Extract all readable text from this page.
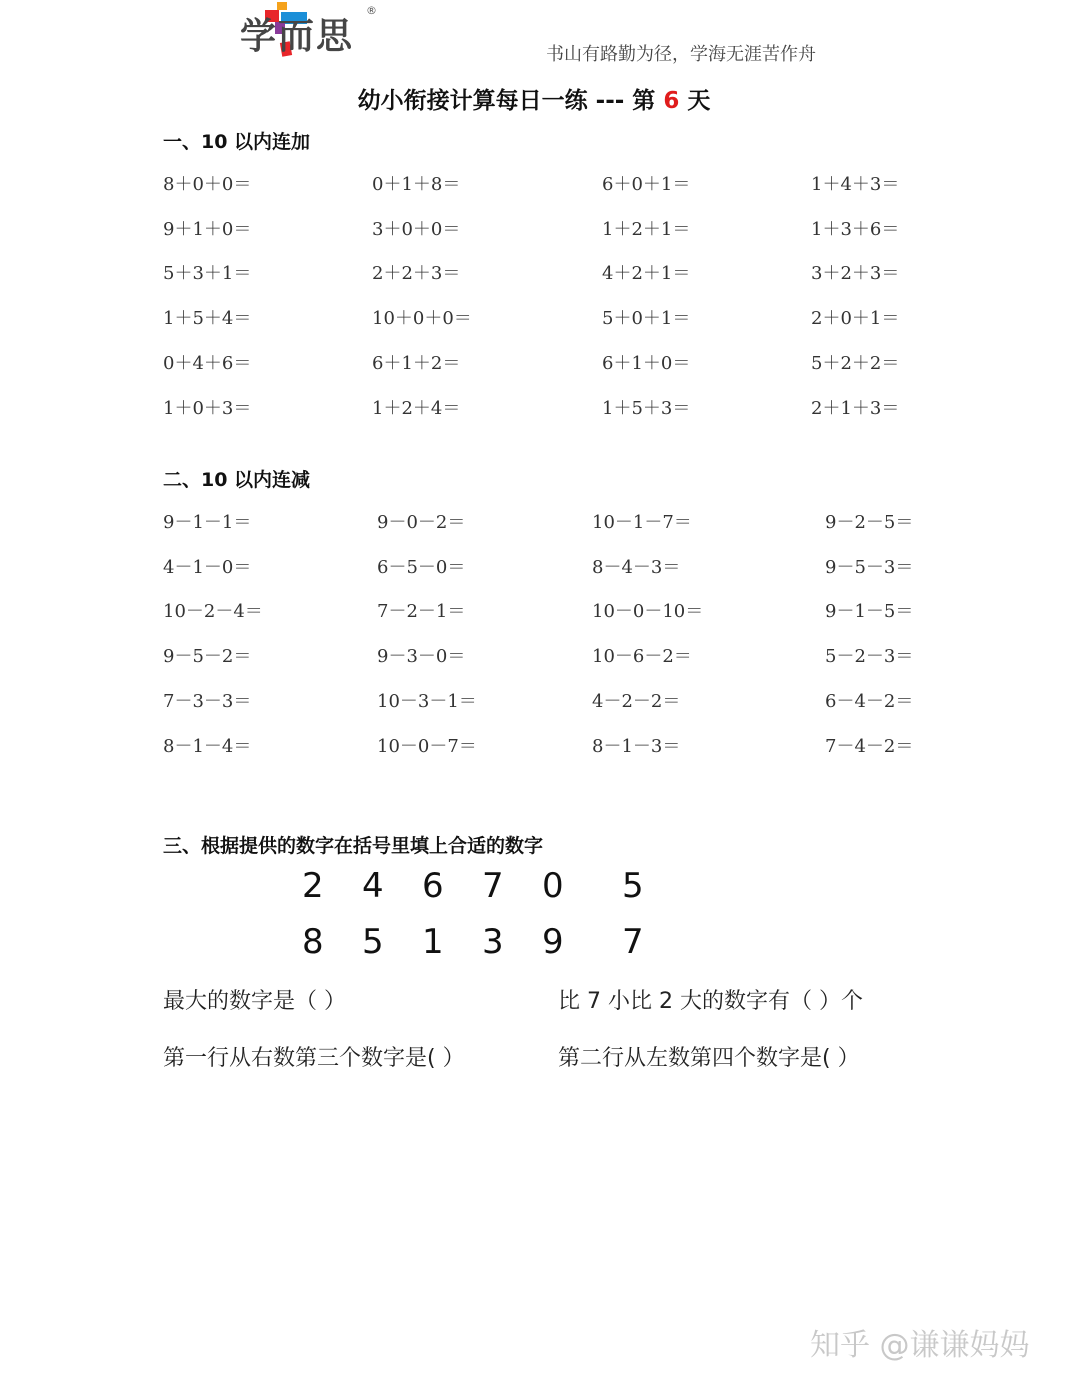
学而思
®
书山有路勤为径，学海无涯苦作舟
幼小衔接计算每日一练 --- 第 6 天
一、10 以内连加
8＋0＋0＝	0＋1＋8＝	6＋0＋1＝	1＋4＋3＝
9＋1＋0＝	3＋0＋0＝	1＋2＋1＝	1＋3＋6＝
5＋3＋1＝	2＋2＋3＝	4＋2＋1＝	3＋2＋3＝
1＋5＋4＝	10＋0＋0＝	5＋0＋1＝	2＋0＋1＝
0＋4＋6＝	6＋1＋2＝	6＋1＋0＝	5＋2＋2＝
1＋0＋3＝	1＋2＋4＝	1＋5＋3＝	2＋1＋3＝
二、10 以内连减
9－1－1＝	9－0－2＝	10－1－7＝	9－2－5＝
4－1－0＝	6－5－0＝	8－4－3＝	9－5－3＝
10－2－4＝	7－2－1＝	10－0－10＝	9－1－5＝
9－5－2＝	9－3－0＝	10－6－2＝	5－2－3＝
7－3－3＝	10－3－1＝	4－2－2＝	6－4－2＝
8－1－4＝	10－0－7＝	8－1－3＝	7－4－2＝
三、根据提供的数字在括号里填上合适的数字
2 4 6 7 0 5
8 5 1 3 9 7
最大的数字是（ ）	比 7 小比 2 大的数字有（ ）个
第一行从右数第三个数字是( ）	第二行从左数第四个数字是( ）
知乎 @谦谦妈妈
